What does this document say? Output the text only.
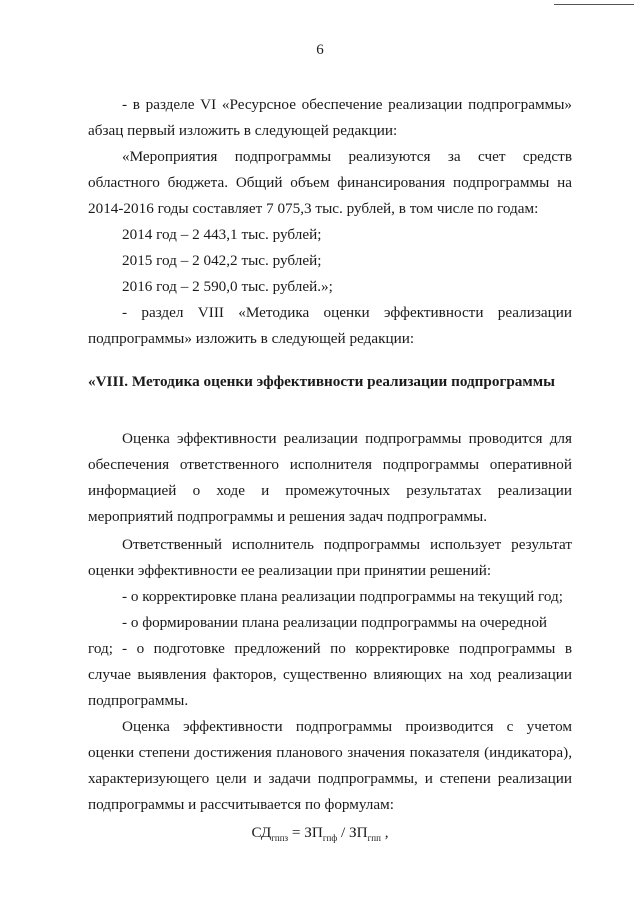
6

- в разделе VI «Ресурсное обеспечение реализации подпрограммы» абзац первый изложить в следующей редакции:

«Мероприятия подпрограммы реализуются за счет средств областного бюджета. Общий объем финансирования подпрограммы на 2014-2016 годы составляет 7 075,3 тыс. рублей, в том числе по годам:

2014 год – 2 443,1 тыс. рублей;

2015 год – 2 042,2 тыс. рублей;

2016 год – 2 590,0 тыс. рублей.»;

- раздел VIII «Методика оценки эффективности реализации подпрограммы» изложить в следующей редакции:

«VIII. Методика оценки эффективности реализации подпрограммы

Оценка эффективности реализации подпрограммы проводится для обеспечения ответственного исполнителя подпрограммы оперативной информацией о ходе и промежуточных результатах реализации мероприятий подпрограммы и решения задач подпрограммы.

Ответственный исполнитель подпрограммы использует результат оценки эффективности ее реализации при принятии решений:

- о корректировке плана реализации подпрограммы на текущий год;

- о формировании плана реализации подпрограммы на очередной год; - о подготовке предложений по корректировке подпрограммы в случае выявления факторов, существенно влияющих на ход реализации подпрограммы.

Оценка эффективности подпрограммы производится с учетом оценки степени достижения планового значения показателя (индикатора), характеризующего цели и задачи подпрограммы, и степени реализации подпрограммы и рассчитывается по формулам:

$СД_{гппз} = ЗП_{гпф} / ЗП_{гпп}$ ,
